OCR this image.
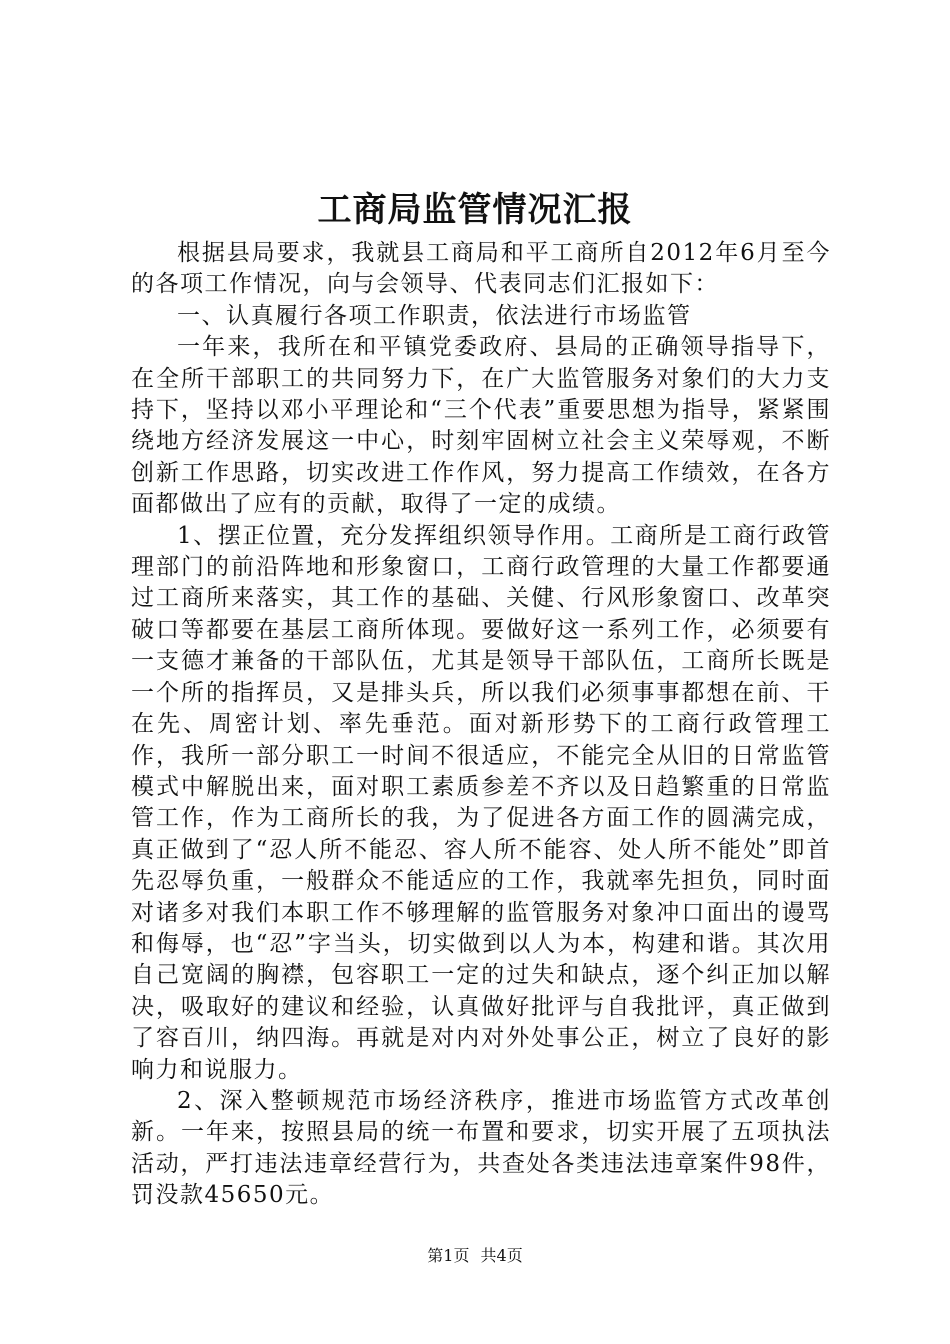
工商局监管情况汇报

根据县局要求，我就县工商局和平工商所自2012年6月至今的各项工作情况，向与会领导、代表同志们汇报如下：

一、认真履行各项工作职责，依法进行市场监管

一年来，我所在和平镇党委政府、县局的正确领导指导下，在全所干部职工的共同努力下，在广大监管服务对象们的大力支持下，坚持以邓小平理论和“三个代表”重要思想为指导，紧紧围绕地方经济发展这一中心，时刻牢固树立社会主义荣辱观，不断创新工作思路，切实改进工作作风，努力提高工作绩效，在各方面都做出了应有的贡献，取得了一定的成绩。

1、摆正位置，充分发挥组织领导作用。工商所是工商行政管理部门的前沿阵地和形象窗口，工商行政管理的大量工作都要通过工商所来落实，其工作的基础、关健、行风形象窗口、改革突破口等都要在基层工商所体现。要做好这一系列工作，必须要有一支德才兼备的干部队伍，尤其是领导干部队伍，工商所长既是一个所的指挥员，又是排头兵，所以我们必须事事都想在前、干在先、周密计划、率先垂范。面对新形势下的工商行政管理工作，我所一部分职工一时间不很适应，不能完全从旧的日常监管模式中解脱出来，面对职工素质参差不齐以及日趋繁重的日常监管工作，作为工商所长的我，为了促进各方面工作的圆满完成，真正做到了“忍人所不能忍、容人所不能容、处人所不能处”即首先忍辱负重，一般群众不能适应的工作，我就率先担负，同时面对诸多对我们本职工作不够理解的监管服务对象冲口面出的谩骂和侮辱，也“忍”字当头，切实做到以人为本，构建和谐。其次用自己宽阔的胸襟，包容职工一定的过失和缺点，逐个纠正加以解决，吸取好的建议和经验，认真做好批评与自我批评，真正做到了容百川，纳四海。再就是对内对外处事公正，树立了良好的影响力和说服力。

2、深入整顿规范市场经济秩序，推进市场监管方式改革创新。一年来，按照县局的统一布置和要求，切实开展了五项执法活动，严打违法违章经营行为，共查处各类违法违章案件98件，罚没款45650元。

第1页 共4页
